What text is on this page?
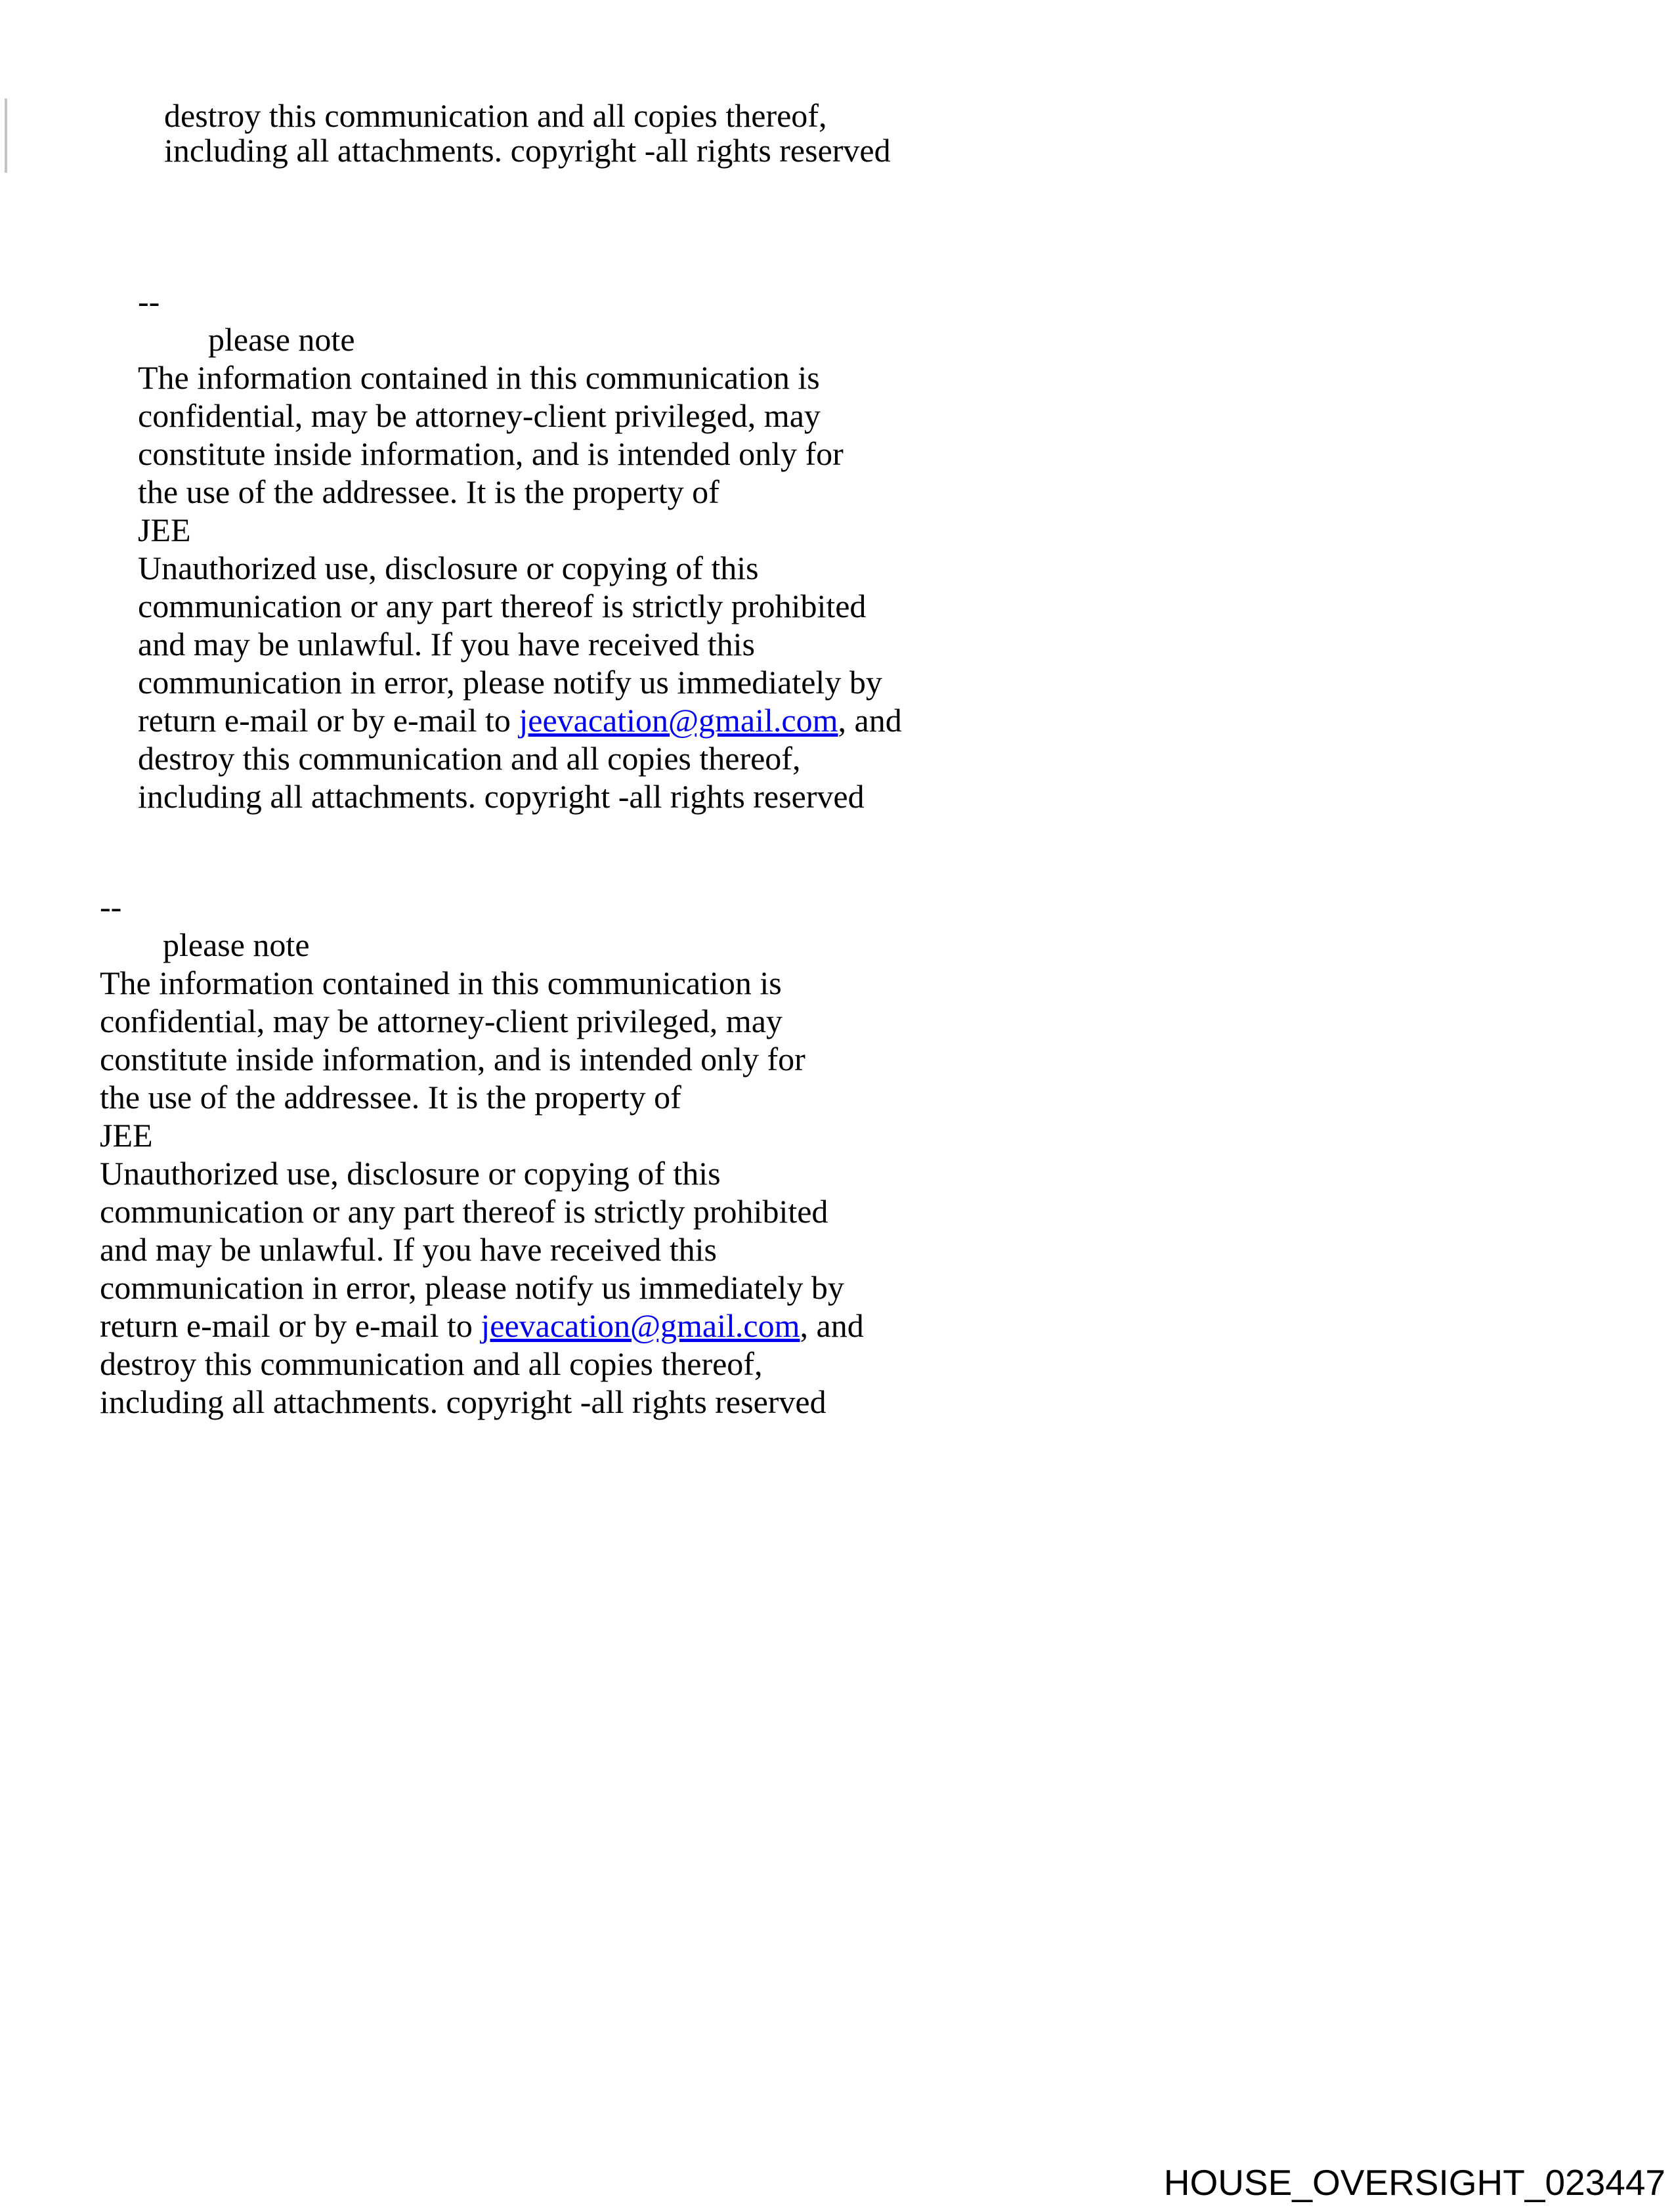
destroy this communication and all copies thereof,
including all attachments. copyright -all rights reserved
--
please note
The information contained in this communication is
confidential, may be attorney-client privileged, may
constitute inside information, and is intended only for
the use of the addressee. It is the property of
JEE
Unauthorized use, disclosure or copying of this
communication or any part thereof is strictly prohibited
and may be unlawful. If you have received this
communication in error, please notify us immediately by
return e-mail or by e-mail to jeevacation@gmail.com, and
destroy this communication and all copies thereof,
including all attachments. copyright -all rights reserved
--
please note
The information contained in this communication is
confidential, may be attorney-client privileged, may
constitute inside information, and is intended only for
the use of the addressee. It is the property of
JEE
Unauthorized use, disclosure or copying of this
communication or any part thereof is strictly prohibited
and may be unlawful. If you have received this
communication in error, please notify us immediately by
return e-mail or by e-mail to jeevacation@gmail.com, and
destroy this communication and all copies thereof,
including all attachments. copyright -all rights reserved
HOUSE_OVERSIGHT_023447
